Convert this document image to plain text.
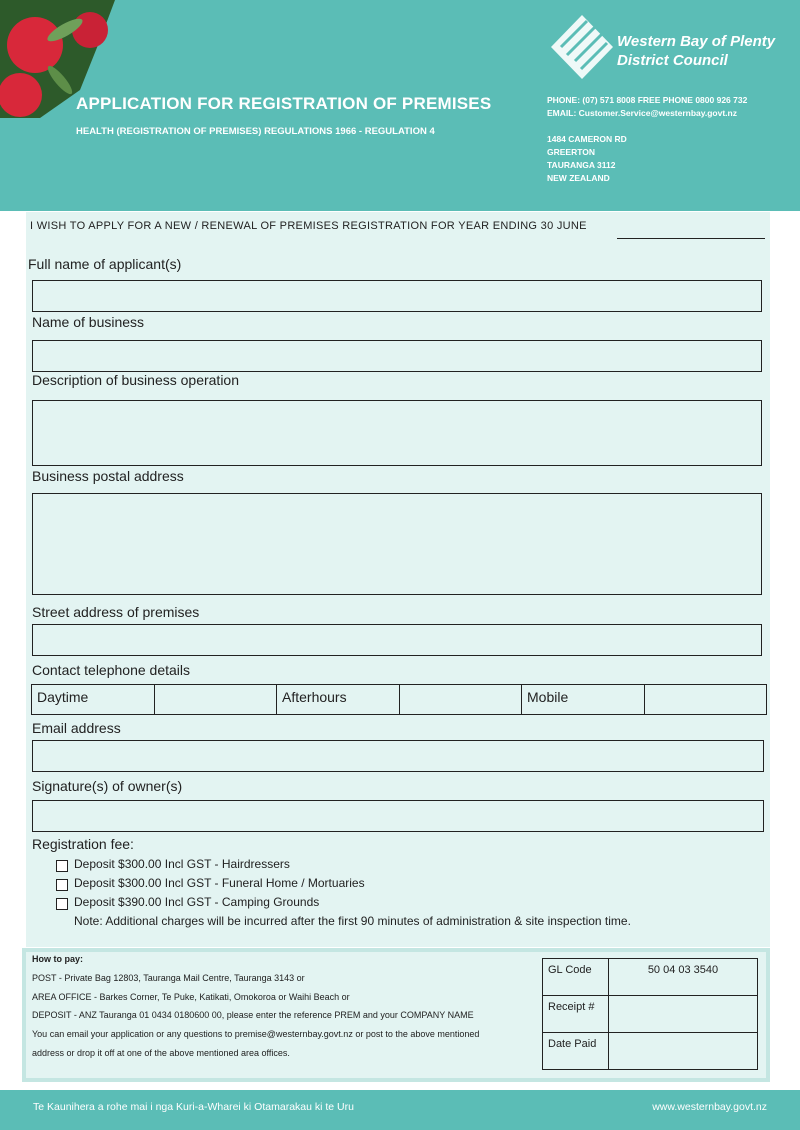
APPLICATION FOR REGISTRATION OF PREMISES
HEALTH (REGISTRATION OF PREMISES) REGULATIONS 1966 - REGULATION 4
Western Bay of Plenty
District Council
PHONE: (07) 571 8008 FREE PHONE 0800 926 732
EMAIL: Customer.Service@westernbay.govt.nz
1484 CAMERON RD
GREERTON
TAURANGA 3112
NEW ZEALAND
I WISH TO APPLY FOR A NEW / RENEWAL OF PREMISES REGISTRATION FOR YEAR ENDING 30 JUNE
Full name of applicant(s)
Name of business
Description of business operation
Business postal address
Street address of premises
Contact telephone details
Daytime	Afterhours	Mobile
Email address
Signature(s) of owner(s)
Registration fee:
Deposit $300.00 Incl GST - Hairdressers
Deposit $300.00 Incl GST - Funeral Home / Mortuaries
Deposit $390.00 Incl GST - Camping Grounds
Note: Additional charges will be incurred after the first 90 minutes of administration & site inspection time.
How to pay:
POST - Private Bag 12803, Tauranga Mail Centre, Tauranga 3143 or
AREA OFFICE - Barkes Corner, Te Puke, Katikati, Omokoroa or Waihi Beach or
DEPOSIT - ANZ Tauranga 01 0434 0180600 00, please enter the reference PREM and your COMPANY NAME
You can email your application or any questions to premise@westernbay.govt.nz or post to the above mentioned
address or drop it off at one of the above mentioned area offices.
GL Code	50 04 03 3540
Receipt #	
Date Paid	
Te Kaunihera a rohe mai i nga Kuri-a-Wharei ki Otamarakau ki te Uru	www.westernbay.govt.nz
